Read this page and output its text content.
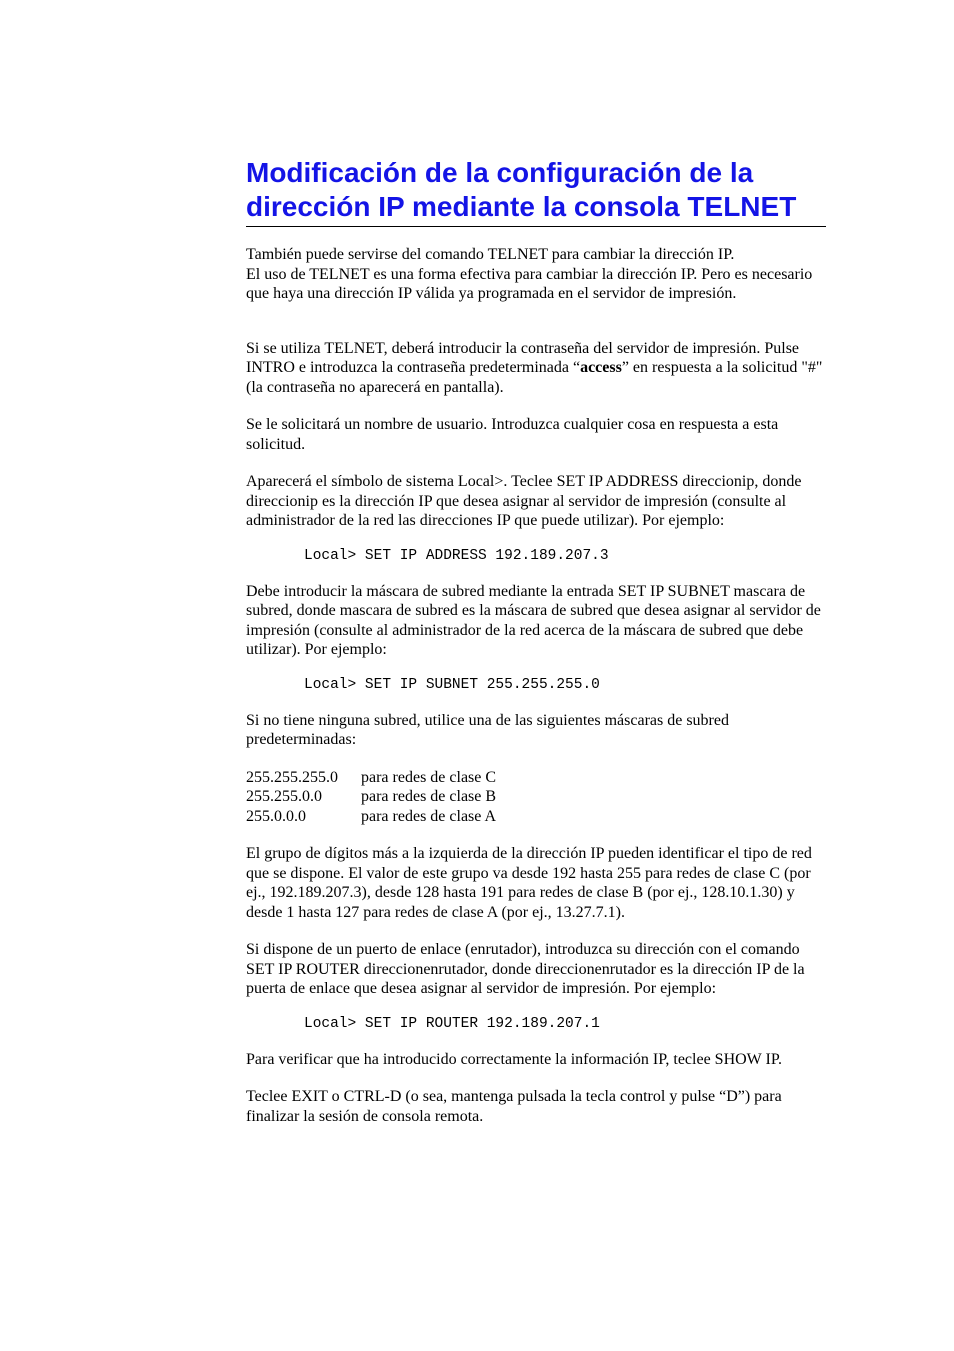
Modificación de la configuración de la dirección IP mediante la consola TELNET

También puede servirse del comando TELNET para cambiar la dirección IP.

El uso de TELNET es una forma efectiva para cambiar la dirección IP. Pero es necesario que haya una dirección IP válida ya programada en el servidor de impresión.

Si se utiliza TELNET, deberá introducir la contraseña del servidor de impresión. Pulse INTRO e introduzca la contraseña predeterminada “access” en respuesta a la solicitud "#" (la contraseña no aparecerá en pantalla).

Se le solicitará un nombre de usuario. Introduzca cualquier cosa en respuesta a esta solicitud.

Aparecerá el símbolo de sistema Local>. Teclee SET IP ADDRESS direccionip, donde direccionip es la dirección IP que desea asignar al servidor de impresión (consulte al administrador de la red las direcciones IP que puede utilizar). Por ejemplo:

Local> SET IP ADDRESS 192.189.207.3

Debe introducir la máscara de subred mediante la entrada SET IP SUBNET mascara de subred, donde mascara de subred es la máscara de subred que desea asignar al servidor de impresión (consulte al administrador de la red acerca de la máscara de subred que debe utilizar). Por ejemplo:

Local> SET IP SUBNET 255.255.255.0

Si no tiene ninguna subred, utilice una de las siguientes máscaras de subred predeterminadas:

255.255.255.0	para redes de clase C
255.255.0.0	para redes de clase B
255.0.0.0	para redes de clase A

El grupo de dígitos más a la izquierda de la dirección IP pueden identificar el tipo de red que se dispone. El valor de este grupo va desde 192 hasta 255 para redes de clase C (por ej., 192.189.207.3), desde 128 hasta 191 para redes de clase B (por ej., 128.10.1.30) y desde 1 hasta 127 para redes de clase A (por ej., 13.27.7.1).

Si dispone de un puerto de enlace (enrutador), introduzca su dirección con el comando SET IP ROUTER direccionenrutador, donde direccionenrutador es la dirección IP de la puerta de enlace que desea asignar al servidor de impresión. Por ejemplo:

Local> SET IP ROUTER 192.189.207.1

Para verificar que ha introducido correctamente la información IP, teclee SHOW IP.

Teclee EXIT o CTRL-D (o sea, mantenga pulsada la tecla control y pulse “D”) para finalizar la sesión de consola remota.
